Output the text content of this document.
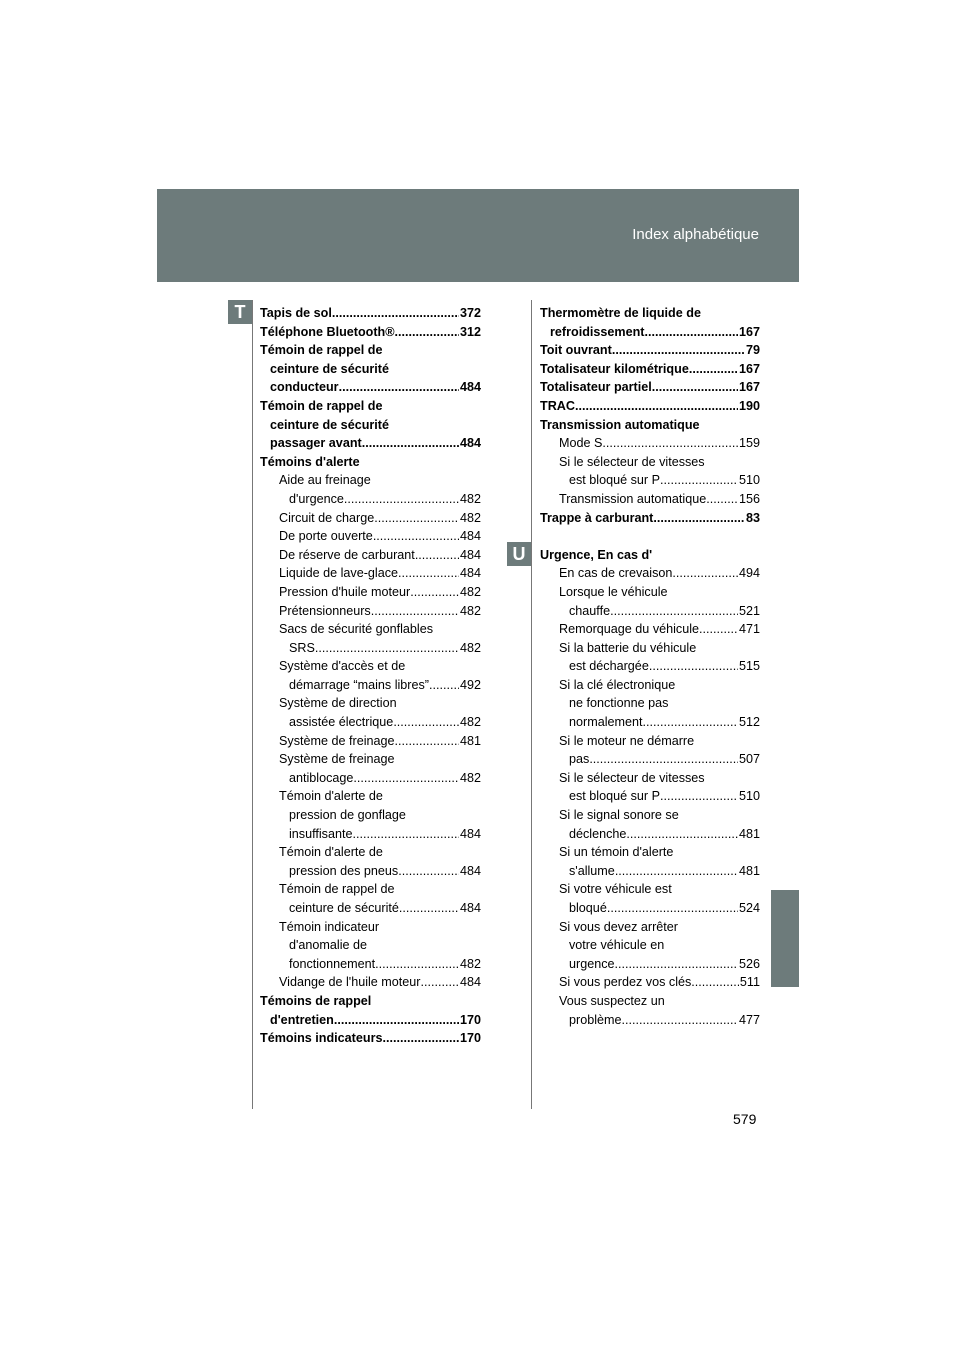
Index alphabétique
T
U
Tapis de sol .....	372
Téléphone Bluetooth® .....	312
Témoin de rappel de
ceinture de sécurité
conducteur .....	484
Témoin de rappel de
ceinture de sécurité
passager avant. .....	484
Témoins d'alerte
Aide au freinage
d'urgence .....	482
Circuit de charge .....	482
De porte ouverte .....	484
De réserve de carburant .....	484
Liquide de lave-glace .....	484
Pression d'huile moteur .....	482
Prétensionneurs .....	482
Sacs de sécurité gonflables
SRS .....	482
Système d'accès et de
démarrage “mains libres” ..... 492
Système de direction
assistée électrique .....	482
Système de freinage .....	481
Système de freinage
antiblocage .....	482
Témoin d'alerte de
pression de gonflage
insuffisante .....	484
Témoin d'alerte de
pression des pneus .....	484
Témoin de rappel de
ceinture de sécurité .....	484
Témoin indicateur
d'anomalie de
fonctionnement .....	482
Vidange de l'huile moteur .....	484
Témoins de rappel
d'entretien .....	170
Témoins indicateurs .....	170
Thermomètre de liquide de
refroidissement .....	167
Toit ouvrant .....	79
Totalisateur kilométrique .....	167
Totalisateur partiel .....	167
TRAC .....	190
Transmission automatique
Mode S .....	159
Si le sélecteur de vitesses
est bloqué sur P .....	510
Transmission automatique .....	156
Trappe à carburant .....	83
Urgence, En cas d'
En cas de crevaison .....	494
Lorsque le véhicule
chauffe .....	521
Remorquage du véhicule .....	471
Si la batterie du véhicule
est déchargée .....	515
Si la clé électronique
ne fonctionne pas
normalement .....	512
Si le moteur ne démarre
pas .....	507
Si le sélecteur de vitesses
est bloqué sur P .....	510
Si le signal sonore se
déclenche .....	481
Si un témoin d'alerte
s'allume .....	481
Si votre véhicule est
bloqué .....	524
Si vous devez arrêter
votre véhicule en
urgence .....	526
Si vous perdez vos clés .....	511
Vous suspectez un
problème .....	477
579
